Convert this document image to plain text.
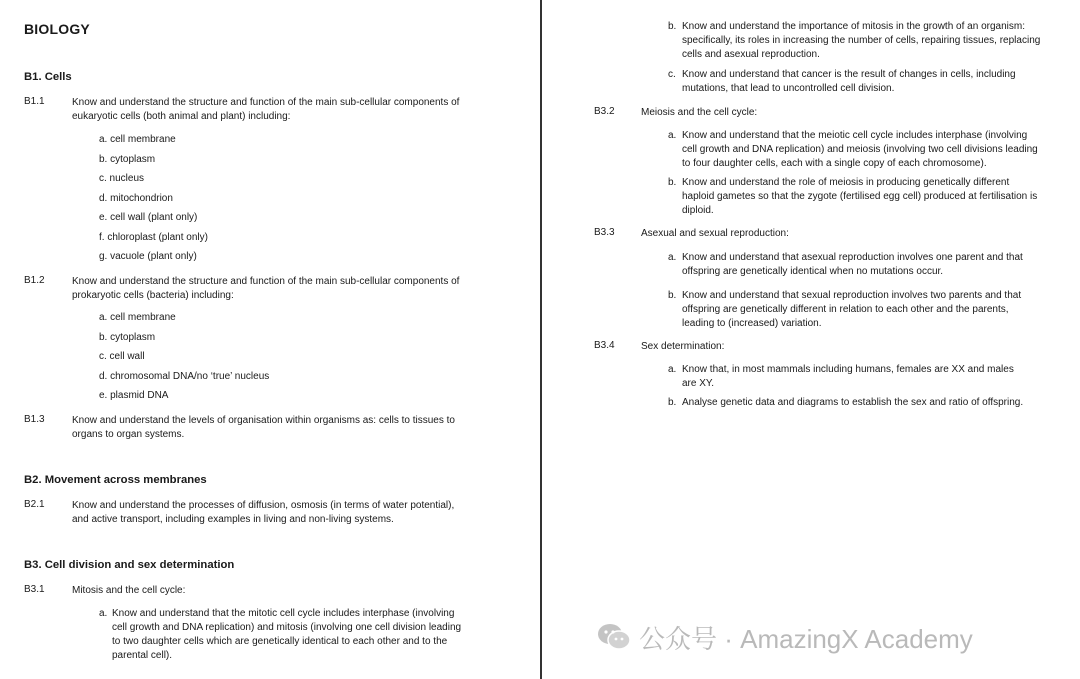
BIOLOGY
B1. Cells
B1.1	Know and understand the structure and function of the main sub-cellular components of
eukaryotic cells (both animal and plant) including:
a. cell membrane
b. cytoplasm
c. nucleus
d. mitochondrion
e. cell wall (plant only)
f. chloroplast (plant only)
g. vacuole (plant only)
B1.2	Know and understand the structure and function of the main sub-cellular components of
prokaryotic cells (bacteria) including:
a. cell membrane
b. cytoplasm
c. cell wall
d. chromosomal DNA/no ‘true’ nucleus
e. plasmid DNA
B1.3	Know and understand the levels of organisation within organisms as: cells to tissues to
organs to organ systems.
B2. Movement across membranes
B2.1	Know and understand the processes of diffusion, osmosis (in terms of water potential),
and active transport, including examples in living and non-living systems.
B3. Cell division and sex determination
B3.1	Mitosis and the cell cycle:
a. Know and understand that the mitotic cell cycle includes interphase (involving
cell growth and DNA replication) and mitosis (involving one cell division leading
to two daughter cells which are genetically identical to each other and to the
parental cell).
b. Know and understand the importance of mitosis in the growth of an organism:
specifically, its roles in increasing the number of cells, repairing tissues, replacing
cells and asexual reproduction.
c. Know and understand that cancer is the result of changes in cells, including
mutations, that lead to uncontrolled cell division.
B3.2	Meiosis and the cell cycle:
a. Know and understand that the meiotic cell cycle includes interphase (involving
cell growth and DNA replication) and meiosis (involving two cell divisions leading
to four daughter cells, each with a single copy of each chromosome).
b. Know and understand the role of meiosis in producing genetically different
haploid gametes so that the zygote (fertilised egg cell) produced at fertilisation is
diploid.
B3.3	Asexual and sexual reproduction:
a. Know and understand that asexual reproduction involves one parent and that
offspring are genetically identical when no mutations occur.
b. Know and understand that sexual reproduction involves two parents and that
offspring are genetically different in relation to each other and the parents,
leading to (increased) variation.
B3.4	Sex determination:
a. Know that, in most mammals including humans, females are XX and males
are XY.
b. Analyse genetic data and diagrams to establish the sex and ratio of offspring.
公众号 · AmazingX Academy
